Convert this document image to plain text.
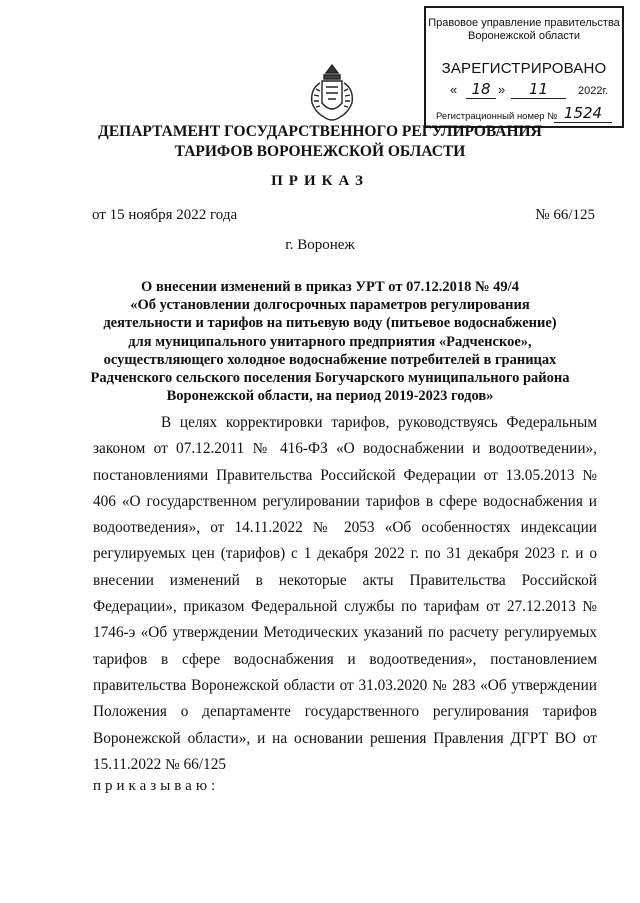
Правовое управление правительства
Воронежской области
ЗАРЕГИСТРИРОВАНО
« 18 »	11	2022г.
Регистрационный номер № 1524
ДЕПАРТАМЕНТ ГОСУДАРСТВЕННОГО РЕГУЛИРОВАНИЯ
ТАРИФОВ ВОРОНЕЖСКОЙ ОБЛАСТИ
ПРИКАЗ
от 15 ноября 2022 года	№ 66/125
г. Воронеж
О внесении изменений в приказ УРТ от 07.12.2018 № 49/4
«Об установлении долгосрочных параметров регулирования
деятельности и тарифов на питьевую воду (питьевое водоснабжение)
для муниципального унитарного предприятия «Радченское»,
осуществляющего холодное водоснабжение потребителей в границах
Радченского сельского поселения Богучарского муниципального района
Воронежской области, на период 2019-2023 годов»

В целях корректировки тарифов, руководствуясь Федеральным законом от 07.12.2011 № 416-ФЗ «О водоснабжении и водоотведении», постановлениями Правительства Российской Федерации от 13.05.2013 № 406 «О государственном регулировании тарифов в сфере водоснабжения и водоотведения», от 14.11.2022 № 2053 «Об особенностях индексации регулируемых цен (тарифов) с 1 декабря 2022 г. по 31 декабря 2023 г. и о внесении изменений в некоторые акты Правительства Российской Федерации», приказом Федеральной службы по тарифам от 27.12.2013 № 1746-э «Об утверждении Методических указаний по расчету регулируемых тарифов в сфере водоснабжения и водоотведения», постановлением правительства Воронежской области от 31.03.2020 № 283 «Об утверждении Положения о департаменте государственного регулирования тарифов Воронежской области», и на основании решения Правления ДГРТ ВО от 15.11.2022 № 66/125

приказываю:
